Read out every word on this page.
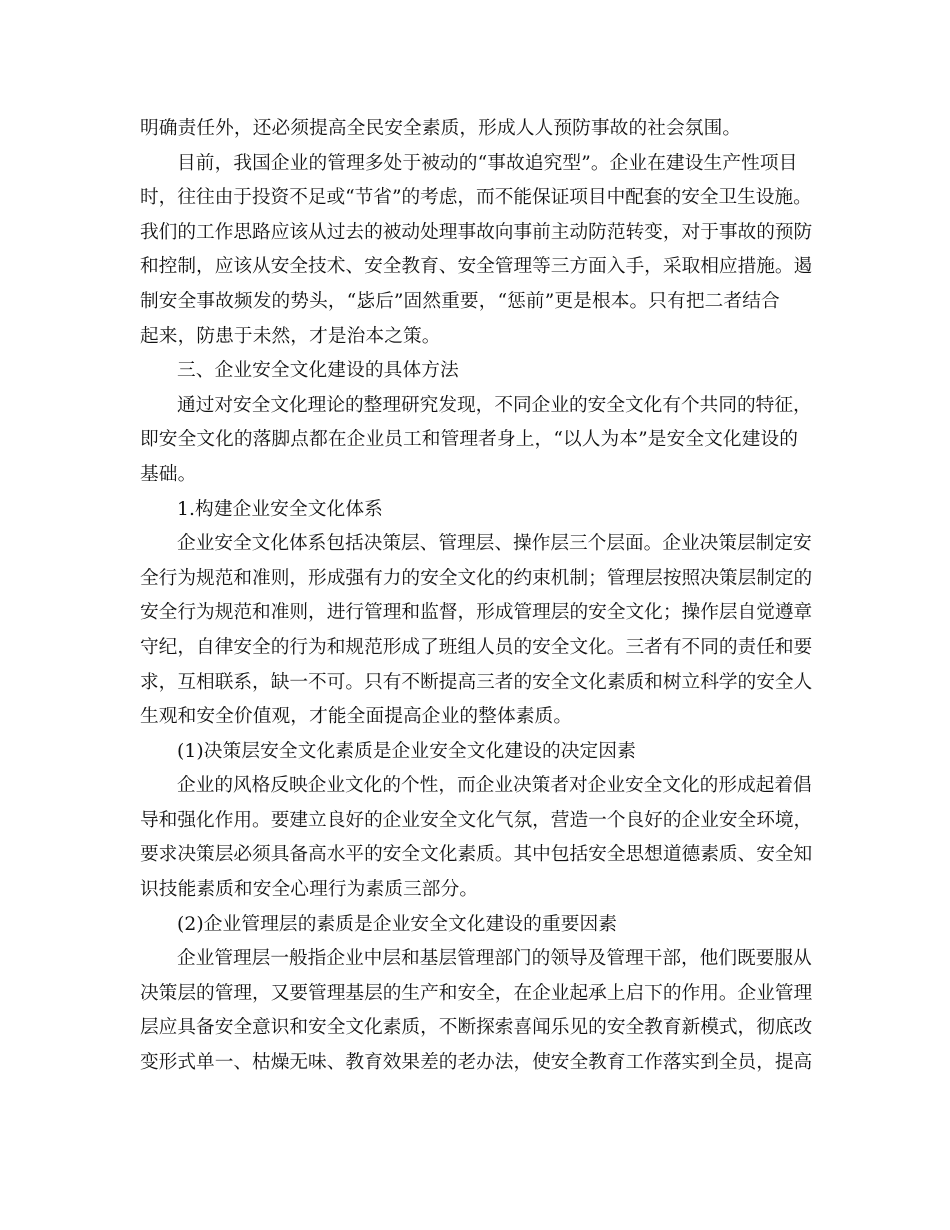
明确责任外，还必须提高全民安全素质，形成人人预防事故的社会氛围。
目前，我国企业的管理多处于被动的“事故追究型”。企业在建设生产性项目
时，往往由于投资不足或“节省”的考虑，而不能保证项目中配套的安全卫生设施。
我们的工作思路应该从过去的被动处理事故向事前主动防范转变，对于事故的预防
和控制，应该从安全技术、安全教育、安全管理等三方面入手，采取相应措施。遏
制安全事故频发的势头，“毖后”固然重要，“惩前”更是根本。只有把二者结合
起来，防患于未然，才是治本之策。
三、企业安全文化建设的具体方法
通过对安全文化理论的整理研究发现，不同企业的安全文化有个共同的特征，
即安全文化的落脚点都在企业员工和管理者身上，“以人为本”是安全文化建设的
基础。
1.构建企业安全文化体系
企业安全文化体系包括决策层、管理层、操作层三个层面。企业决策层制定安
全行为规范和准则，形成强有力的安全文化的约束机制；管理层按照决策层制定的
安全行为规范和准则，进行管理和监督，形成管理层的安全文化；操作层自觉遵章
守纪，自律安全的行为和规范形成了班组人员的安全文化。三者有不同的责任和要
求，互相联系，缺一不可。只有不断提高三者的安全文化素质和树立科学的安全人
生观和安全价值观，才能全面提高企业的整体素质。
(1)决策层安全文化素质是企业安全文化建设的决定因素
企业的风格反映企业文化的个性，而企业决策者对企业安全文化的形成起着倡
导和强化作用。要建立良好的企业安全文化气氛，营造一个良好的企业安全环境，
要求决策层必须具备高水平的安全文化素质。其中包括安全思想道德素质、安全知
识技能素质和安全心理行为素质三部分。
(2)企业管理层的素质是企业安全文化建设的重要因素
企业管理层一般指企业中层和基层管理部门的领导及管理干部，他们既要服从
决策层的管理，又要管理基层的生产和安全，在企业起承上启下的作用。企业管理
层应具备安全意识和安全文化素质，不断探索喜闻乐见的安全教育新模式，彻底改
变形式单一、枯燥无味、教育效果差的老办法，使安全教育工作落实到全员，提高
